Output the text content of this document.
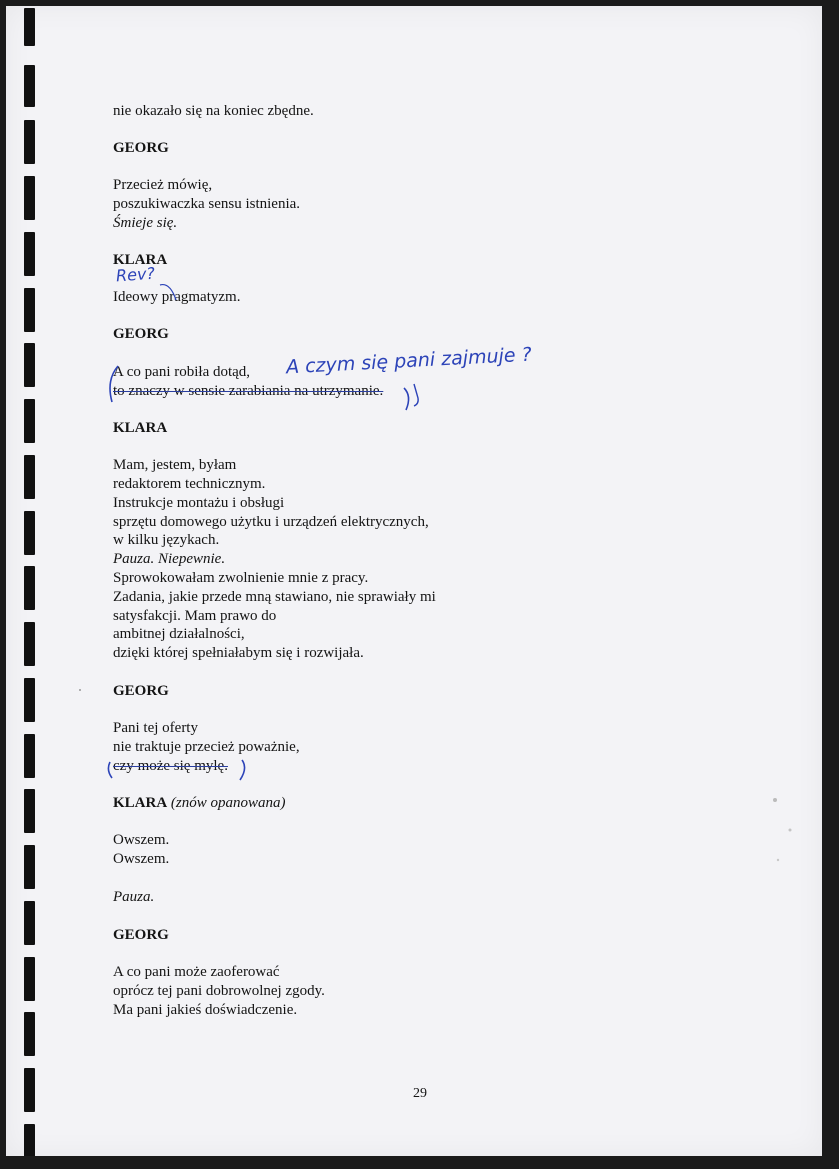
nie okazało się na koniec zbędne.
GEORG
Przecież mówię,
poszukiwaczka sensu istnienia.
Śmieje się.
KLARA
Ideowy pragmatyzm.
GEORG
A co pani robiła dotąd,
to znaczy w sensie zarabiania na utrzymanie.
KLARA
Mam, jestem, byłam
redaktorem technicznym.
Instrukcje montażu i obsługi
sprzętu domowego użytku i urządzeń elektrycznych,
w kilku językach.
Pauza. Niepewnie.
Sprowokowałam zwolnienie mnie z pracy.
Zadania, jakie przede mną stawiano, nie sprawiały mi
satysfakcji. Mam prawo do
ambitnej działalności,
dzięki której spełniałabym się i rozwijała.
GEORG
Pani tej oferty
nie traktuje przecież poważnie,
czy może się mylę.
KLARA (znów opanowana)
Owszem.
Owszem.
Pauza.
GEORG
A co pani może zaoferować
oprócz tej pani dobrowolnej zgody.
Ma pani jakieś doświadczenie.
29
Rev?
A czym się pani zajmuje ?
